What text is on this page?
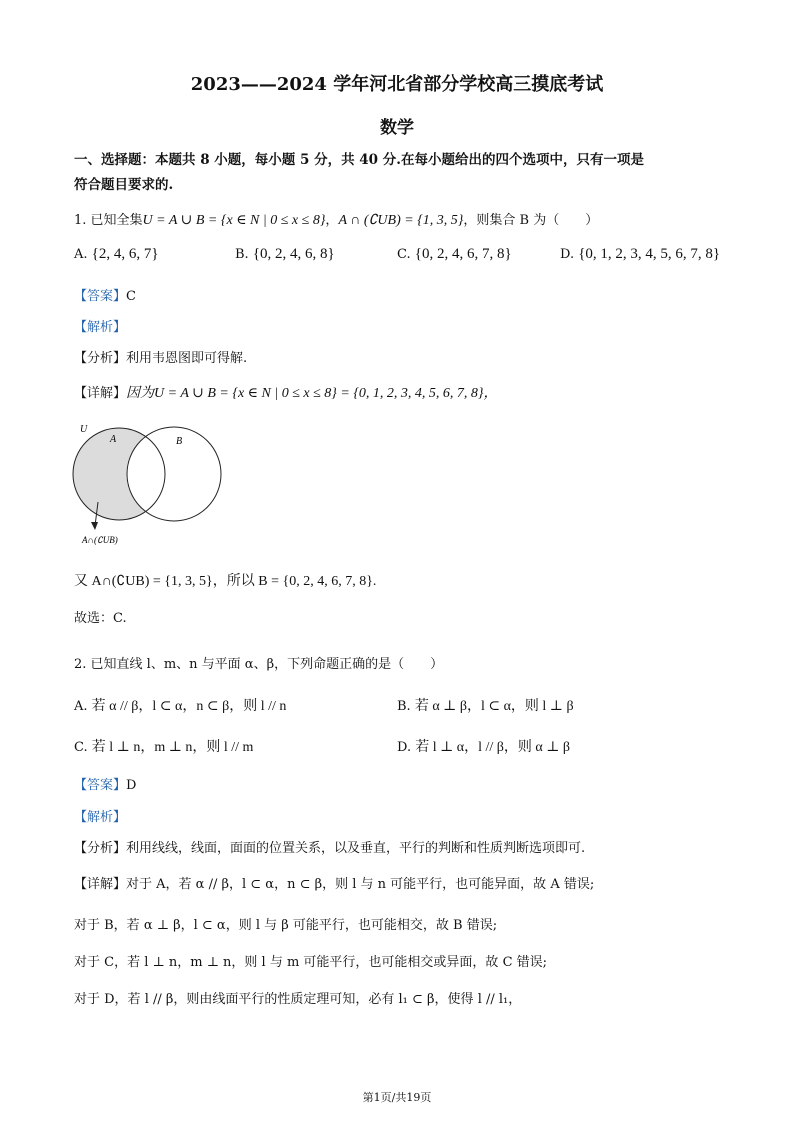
2023——2024 学年河北省部分学校高三摸底考试
数学
一、选择题：本题共 8 小题，每小题 5 分，共 40 分.在每小题给出的四个选项中，只有一项是
符合题目要求的.
1. 已知全集U = A ∪ B = {x ∈ N | 0 ≤ x ≤ 8}，A ∩ (∁UB) = {1, 3, 5}，则集合 B 为（　　）
A. {2, 4, 6, 7}	B. {0, 2, 4, 6, 8}	C. {0, 2, 4, 6, 7, 8}	D. {0, 1, 2, 3, 4, 5, 6, 7, 8}
【答案】C
【解析】
【分析】利用韦恩图即可得解.
【详解】因为U = A ∪ B = {x ∈ N | 0 ≤ x ≤ 8} = {0, 1, 2, 3, 4, 5, 6, 7, 8}，
U
A	B
A∩(∁UB)
又 A∩(∁UB) = {1, 3, 5}，所以 B = {0, 2, 4, 6, 7, 8}.
故选：C.
2. 已知直线 l、m、n 与平面 α、β，下列命题正确的是（　　）
A. 若 α // β，l ⊂ α，n ⊂ β，则 l // n	B. 若 α ⊥ β，l ⊂ α，则 l ⊥ β
C. 若 l ⊥ n，m ⊥ n，则 l // m	D. 若 l ⊥ α，l // β，则 α ⊥ β
【答案】D
【解析】
【分析】利用线线，线面，面面的位置关系，以及垂直，平行的判断和性质判断选项即可.
【详解】对于 A，若 α // β，l ⊂ α，n ⊂ β，则 l 与 n 可能平行，也可能异面，故 A 错误;
对于 B，若 α ⊥ β，l ⊂ α，则 l 与 β 可能平行，也可能相交，故 B 错误;
对于 C，若 l ⊥ n，m ⊥ n，则 l 与 m 可能平行，也可能相交或异面，故 C 错误;
对于 D，若 l // β，则由线面平行的性质定理可知，必有 l₁ ⊂ β，使得 l // l₁，
第1页/共19页
